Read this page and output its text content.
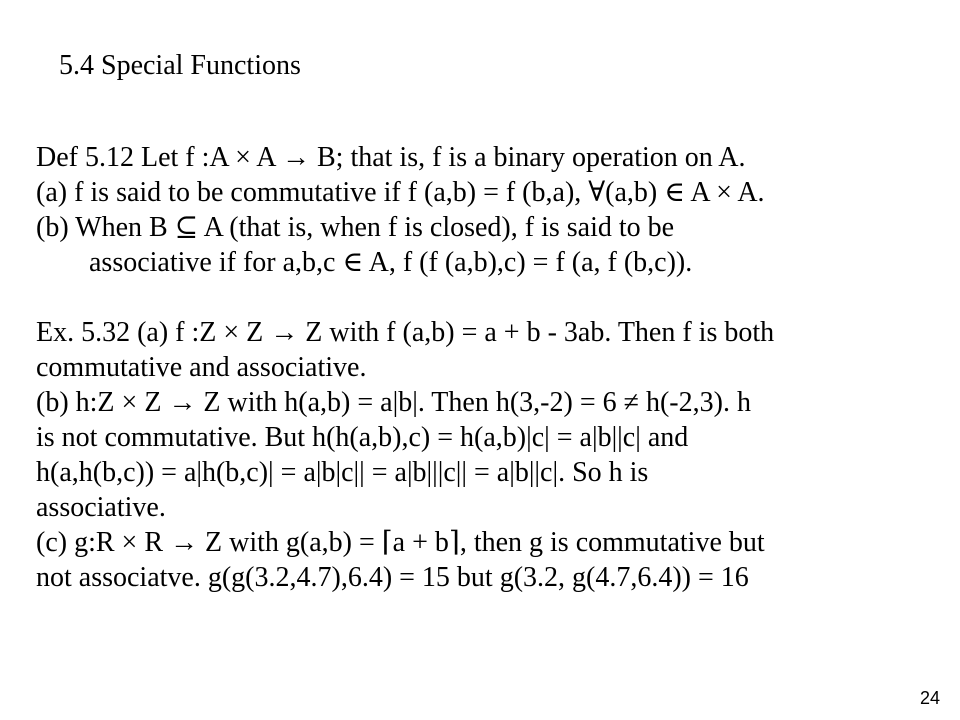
5.4 Special Functions
Def 5.12 Let f :A × A → B; that is, f is a binary operation on A.
(a) f is said to be commutative if f (a,b) = f (b,a), ∀(a,b) ∈ A × A.
(b) When B ⊆ A (that is, when f is closed), f is said to be
associative if for a,b,c ∈ A, f (f (a,b),c) = f (a, f (b,c)).
Ex. 5.32 (a) f :Z × Z → Z with f (a,b) = a + b - 3ab. Then f is both
commutative and associative.
(b) h:Z × Z → Z with h(a,b) = a|b|. Then h(3,-2) = 6 ≠ h(-2,3). h
is not commutative. But h(h(a,b),c) = h(a,b)|c| = a|b||c| and
h(a,h(b,c)) = a|h(b,c)| = a|b|c|| = a|b|||c|| = a|b||c|. So h is
associative.
(c) g:R × R → Z with g(a,b) = ⌈a + b⌉, then g is commutative but
not associatve. g(g(3.2,4.7),6.4) = 15 but g(3.2, g(4.7,6.4)) = 16
24
